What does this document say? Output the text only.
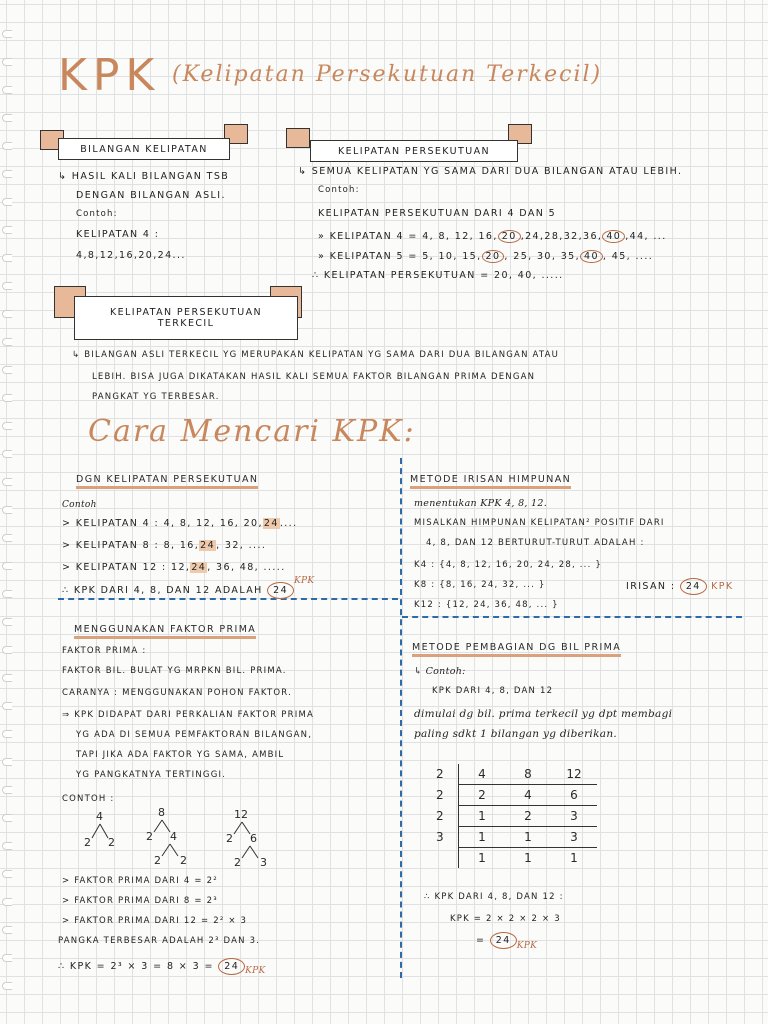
KPK (Kelipatan Persekutuan Terkecil)
BILANGAN KELIPATAN
↳ HASIL KALI BILANGAN TSB
DENGAN BILANGAN ASLI.
Contoh:
KELIPATAN 4 :
4,8,12,16,20,24...
KELIPATAN PERSEKUTUAN
↳ SEMUA KELIPATAN YG SAMA DARI DUA BILANGAN ATAU LEBIH.
Contoh:
KELIPATAN PERSEKUTUAN DARI 4 DAN 5
» KELIPATAN 4 = 4, 8, 12, 16, 20 ,24,28,32,36, 40 ,44, ...
» KELIPATAN 5 = 5, 10, 15, 20 , 25, 30, 35, 40 , 45, ....
∴ KELIPATAN PERSEKUTUAN = 20, 40, .....
KELIPATAN PERSEKUTUAN
TERKECIL
↳ BILANGAN ASLI TERKECIL YG MERUPAKAN KELIPATAN YG SAMA DARI DUA BILANGAN ATAU
LEBIH. BISA JUGA DIKATAKAN HASIL KALI SEMUA FAKTOR BILANGAN PRIMA DENGAN
PANGKAT YG TERBESAR.
Cara Mencari KPK:
DGN KELIPATAN PERSEKUTUAN
Contoh
> KELIPATAN 4 : 4, 8, 12, 16, 20,24....
> KELIPATAN 8 : 8, 16,24, 32, ....
> KELIPATAN 12 : 12,24, 36, 48, .....
∴ KPK DARI 4, 8, DAN 12 ADALAH 24KPK
METODE IRISAN HIMPUNAN
menentukan KPK 4, 8, 12.
MISALKAN HIMPUNAN KELIPATAN² POSITIF DARI
4, 8, DAN 12 BERTURUT-TURUT ADALAH :
K4 : {4, 8, 12, 16, 20, 24, 28, ... }
K8 : {8, 16, 24, 32, ... }
K12 : {12, 24, 36, 48, ... }
IRISAN : 24 KPK
MENGGUNAKAN FAKTOR PRIMA
FAKTOR PRIMA :
FAKTOR BIL. BULAT YG MRPKN BIL. PRIMA.
CARANYA : MENGGUNAKAN POHON FAKTOR.
⇒ KPK DIDAPAT DARI PERKALIAN FAKTOR PRIMA
YG ADA DI SEMUA PEMFAKTORAN BILANGAN,
TAPI JIKA ADA FAKTOR YG SAMA, AMBIL
YG PANGKATNYA TERTINGGI.
CONTOH :
4
2 2
8
2 4
2 2
12
2 6
2 3
> FAKTOR PRIMA DARI 4 = 2²
> FAKTOR PRIMA DARI 8 = 2³
> FAKTOR PRIMA DARI 12 = 2² × 3
PANGKA TERBESAR ADALAH 2³ DAN 3.
∴ KPK = 2³ × 3 = 8 × 3 = 24 KPK
METODE PEMBAGIAN DG BIL PRIMA
↳ Contoh:
KPK DARI 4, 8, DAN 12
dimulai dg bil. prima terkecil yg dpt membagi
paling sdkt 1 bilangan yg diberikan.
2	4	8	12
2	2	4	6
2	1	2	3
3	1	1	3
	1	1	1
∴ KPK DARI 4, 8, DAN 12 :
KPK = 2 × 2 × 2 × 3
= 24 KPK
